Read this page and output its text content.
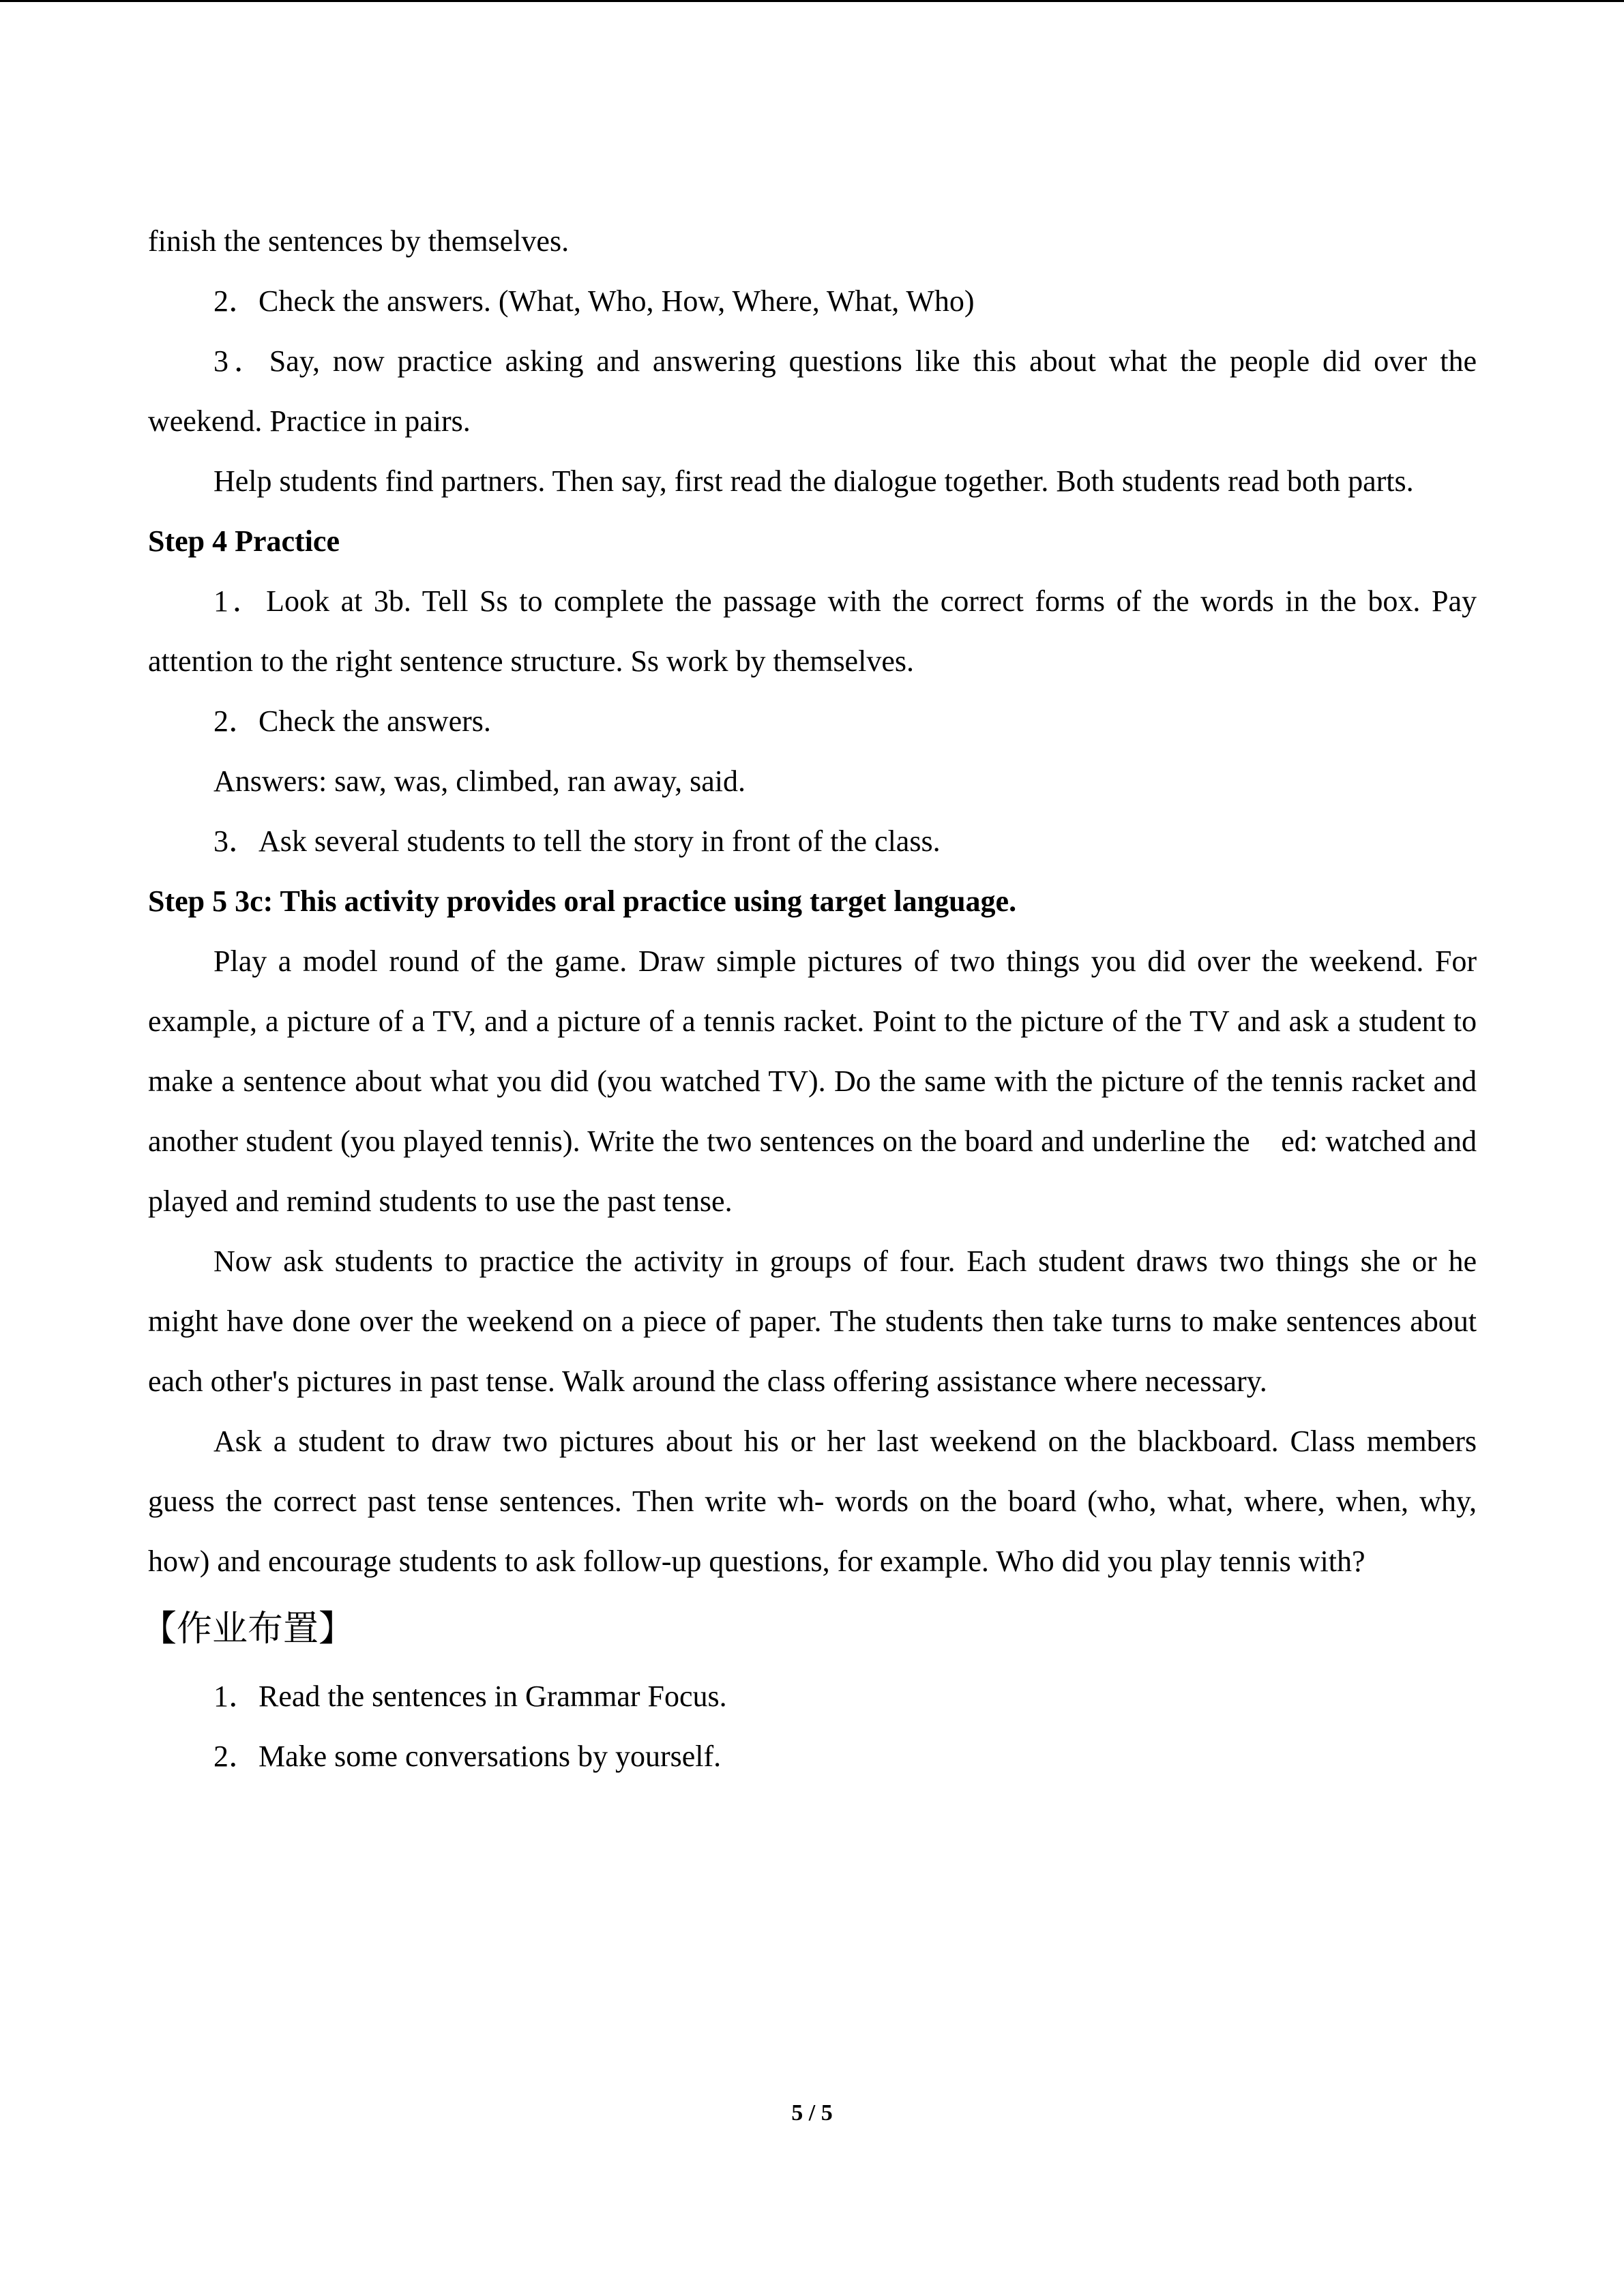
finish the sentences by themselves.

2．Check the answers. (What, Who, How, Where, What, Who)

3．Say, now practice asking and answering questions like this about what the people did over the weekend. Practice in pairs.

Help students find partners. Then say, first read the dialogue together. Both students read both parts.

Step 4 Practice

1．Look at 3b. Tell Ss to complete the passage with the correct forms of the words in the box. Pay attention to the right sentence structure. Ss work by themselves.

2．Check the answers.

Answers: saw, was, climbed, ran away, said.

3．Ask several students to tell the story in front of the class.

Step 5 3c: This activity provides oral practice using target language.

Play a model round of the game. Draw simple pictures of two things you did over the weekend. For example, a picture of a TV, and a picture of a tennis racket. Point to the picture of the TV and ask a student to make a sentence about what you did (you watched TV). Do the same with the picture of the tennis racket and another student (you played tennis). Write the two sentences on the board and underline the ed: watched and played and remind students to use the past tense.

Now ask students to practice the activity in groups of four. Each student draws two things she or he might have done over the weekend on a piece of paper. The students then take turns to make sentences about each other's pictures in past tense. Walk around the class offering assistance where necessary.

Ask a student to draw two pictures about his or her last weekend on the blackboard. Class members guess the correct past tense sentences. Then write wh- words on the board (who, what, where, when, why, how) and encourage students to ask follow-up questions, for example. Who did you play tennis with?

【作业布置】

1．Read the sentences in Grammar Focus.

2．Make some conversations by yourself.

5 / 5
